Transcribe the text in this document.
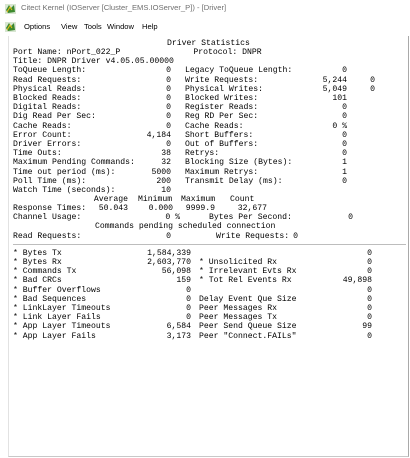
Citect Kernel (IOServer [Cluster_EMS.IOServer_P]) - [Driver]
Options View Tools Window Help
Driver Statistics
Port Name: nPort_022_P               Protocol: DNPR
Title: DNPR Driver v4.05.05.00000
ToQueue Length:	0 Legacy ToQueue Length:	0
Read Requests:	0 Write Requests:	5,244	0
Physical Reads:	0 Physical Writes:	5,049	0
Blocked Reads:	0 Blocked Writes:	101
Digital Reads:	0 Register Reads:	0
Dig Read Per Sec:	0 Reg RD Per Sec:	0
Cache Reads:	0 Cache Reads:	0 %
Error Count:	4,184 Short Buffers:	0
Driver Errors:	0 Out of Buffers:	0
Time Outs:	38 Retrys:	0
Maximum Pending Commands:	32 Blocking Size (Bytes):	1
Time out period (ms):	5000 Maximum Retrys:	1
Poll Time (ms):	200 Transmit Delay (ms):	0
Watch Time (seconds):	10
Average Minimum Maximum Count
Response Times:	50.043	0.000	9999.9	32,677
Channel Usage:	0 %	Bytes Per Second:	0
Commands pending scheduled connection
Read Requests:	0	Write Requests: 0
* Bytes Tx	1,584,339	0
* Bytes Rx	2,603,770 * Unsolicited Rx	0
* Commands Tx	56,098 * Irrelevant Evts Rx	0
* Bad CRCs	159 * Tot Rel Events Rx	49,898
* Buffer Overflows	0	0
* Bad Sequences	0 Delay Event Que Size	0
* LinkLayer Timeouts	0 Peer Messages Rx	0
* Link Layer Fails	0 Peer Messages Tx	0
* App Layer Timeouts	6,584 Peer Send Queue Size	99
* App Layer Fails	3,173 Peer "Connect.FAILs"	0
